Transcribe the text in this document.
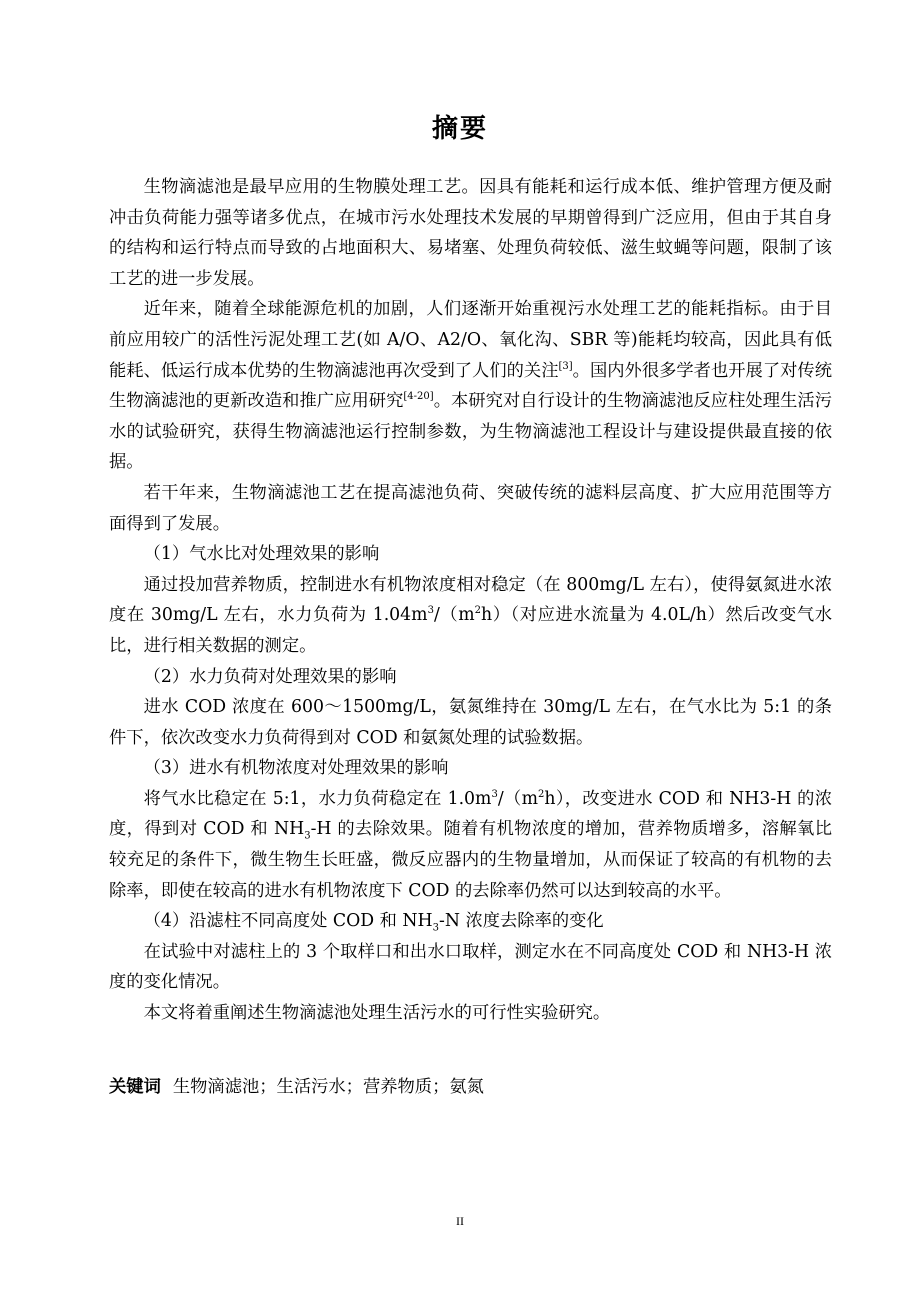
摘要

生物滴滤池是最早应用的生物膜处理工艺。因具有能耗和运行成本低、维护管理方便及耐冲击负荷能力强等诸多优点，在城市污水处理技术发展的早期曾得到广泛应用，但由于其自身的结构和运行特点而导致的占地面积大、易堵塞、处理负荷较低、滋生蚊蝇等问题，限制了该工艺的进一步发展。

近年来，随着全球能源危机的加剧，人们逐渐开始重视污水处理工艺的能耗指标。由于目前应用较广的活性污泥处理工艺(如 A/O、A2/O、氧化沟、SBR 等)能耗均较高，因此具有低能耗、低运行成本优势的生物滴滤池再次受到了人们的关注[3]。国内外很多学者也开展了对传统生物滴滤池的更新改造和推广应用研究[4-20]。本研究对自行设计的生物滴滤池反应柱处理生活污水的试验研究，获得生物滴滤池运行控制参数，为生物滴滤池工程设计与建设提供最直接的依据。

若干年来，生物滴滤池工艺在提高滤池负荷、突破传统的滤料层高度、扩大应用范围等方面得到了发展。

（1）气水比对处理效果的影响

通过投加营养物质，控制进水有机物浓度相对稳定（在 800mg/L 左右），使得氨氮进水浓度在 30mg/L 左右，水力负荷为 $1.04m^3/(m^2h)$（对应进水流量为 4.0L/h）然后改变气水比，进行相关数据的测定。

（2）水力负荷对处理效果的影响

进水 COD 浓度在 600～1500mg/L，氨氮维持在 30mg/L 左右，在气水比为 5:1 的条件下，依次改变水力负荷得到对 COD 和氨氮处理的试验数据。

（3）进水有机物浓度对处理效果的影响

将气水比稳定在 5:1，水力负荷稳定在 $1.0m^3/(m^2h)$，改变进水 COD 和 NH3-H 的浓度，得到对 COD 和 $NH_3-H$ 的去除效果。随着有机物浓度的增加，营养物质增多，溶解氧比较充足的条件下，微生物生长旺盛，微反应器内的生物量增加，从而保证了较高的有机物的去除率，即使在较高的进水有机物浓度下 COD 的去除率仍然可以达到较高的水平。

（4）沿滤柱不同高度处 COD 和 $NH_3-N$ 浓度去除率的变化

在试验中对滤柱上的 3 个取样口和出水口取样，测定水在不同高度处 COD 和 NH3-H 浓度的变化情况。

本文将着重阐述生物滴滤池处理生活污水的可行性实验研究。

关键词 生物滴滤池；生活污水；营养物质；氨氮
II
